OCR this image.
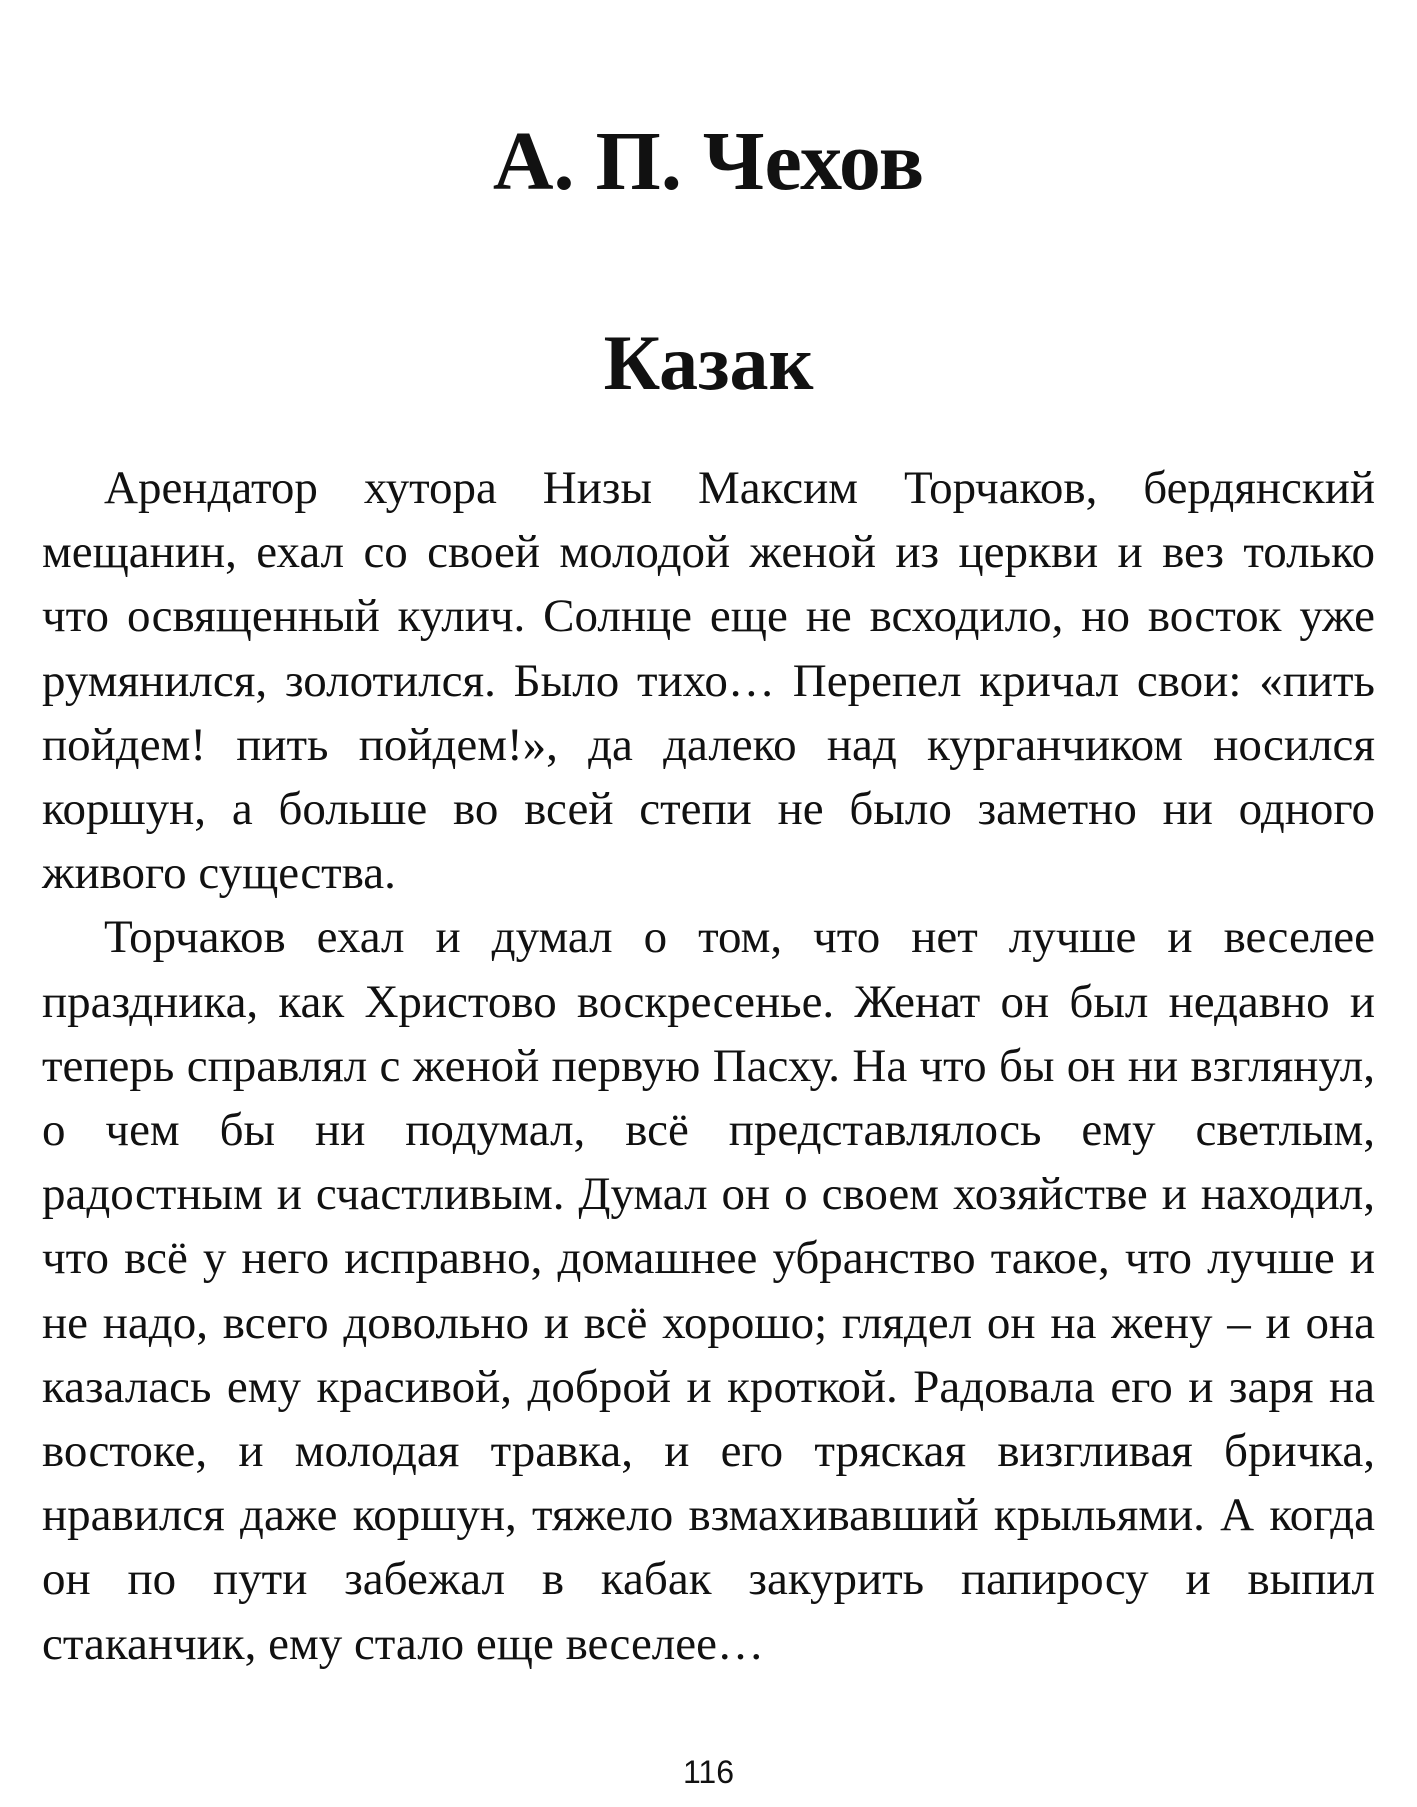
А. П. Чехов
Казак

Арендатор хутора Низы Максим Торчаков, бердянский мещанин, ехал со своей молодой женой из церкви и вез только что освященный кулич. Солнце еще не всходило, но восток уже румянился, золотился. Было тихо… Перепел кричал свои: «пить пойдем! пить пойдем!», да далеко над курганчиком носился коршун, а больше во всей степи не было заметно ни одного живого существа.

Торчаков ехал и думал о том, что нет лучше и веселее праздника, как Христово воскресенье. Женат он был недавно и теперь справлял с женой первую Пасху. На что бы он ни взглянул, о чем бы ни подумал, всё представлялось ему светлым, радостным и счастливым. Думал он о своем хозяйстве и находил, что всё у него исправно, домашнее убранство такое, что лучше и не надо, всего довольно и всё хорошо; глядел он на жену – и она казалась ему красивой, доброй и кроткой. Радовала его и заря на востоке, и молодая травка, и его тряская визгливая бричка, нравился даже коршун, тяжело взмахивавший крыльями. А когда он по пути забежал в кабак закурить папиросу и выпил стаканчик, ему стало еще веселее…

116
